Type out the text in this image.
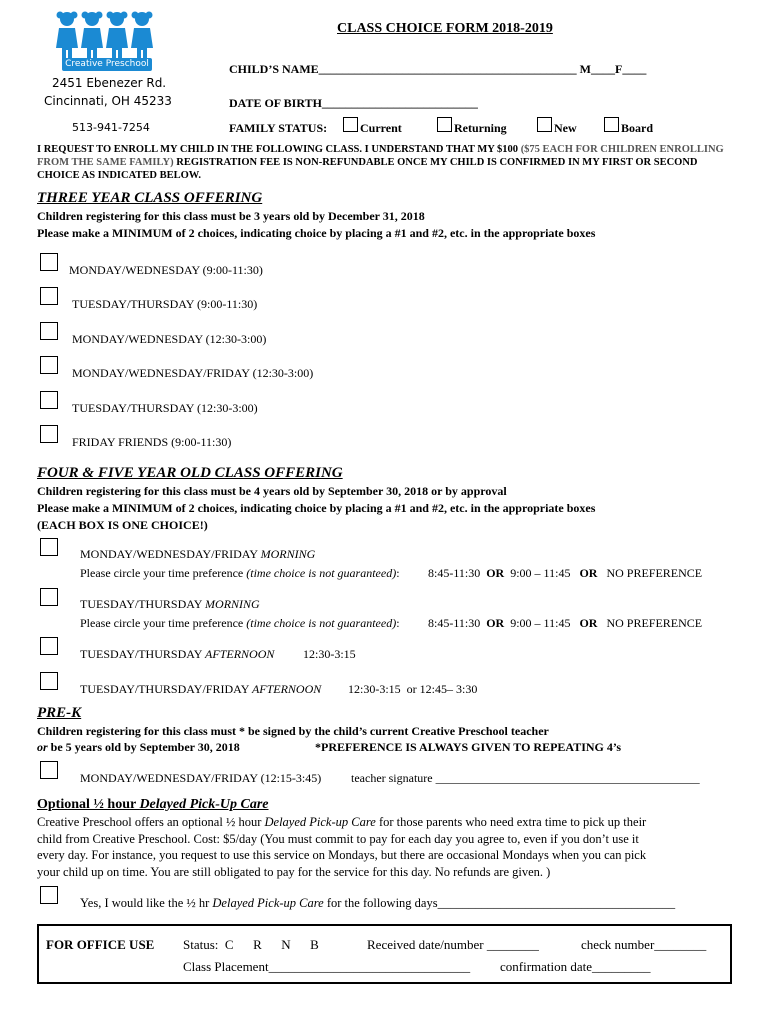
Creative Preschool
2451 Ebenezer Rd.
Cincinnati, OH 45233
513-941-7254
CLASS CHOICE FORM 2018-2019
CHILD’S NAME___________________________________________ M____F____
DATE OF BIRTH__________________________
FAMILY STATUS:	Current	Returning	New	Board
I REQUEST TO ENROLL MY CHILD IN THE FOLLOWING CLASS. I UNDERSTAND THAT MY $100 ($75 EACH FOR CHILDREN ENROLLING FROM THE SAME FAMILY) REGISTRATION FEE IS NON-REFUNDABLE ONCE MY CHILD IS CONFIRMED IN MY FIRST OR SECOND CHOICE AS INDICATED BELOW.
THREE YEAR CLASS OFFERING
Children registering for this class must be 3 years old by December 31, 2018
Please make a MINIMUM of 2 choices, indicating choice by placing a #1 and #2, etc. in the appropriate boxes
MONDAY/WEDNESDAY (9:00-11:30)
TUESDAY/THURSDAY (9:00-11:30)
MONDAY/WEDNESDAY (12:30-3:00)
MONDAY/WEDNESDAY/FRIDAY (12:30-3:00)
TUESDAY/THURSDAY (12:30-3:00)
FRIDAY FRIENDS (9:00-11:30)
FOUR & FIVE YEAR OLD CLASS OFFERING
Children registering for this class must be 4 years old by September 30, 2018 or by approval
Please make a MINIMUM of 2 choices, indicating choice by placing a #1 and #2, etc. in the appropriate boxes
(EACH BOX IS ONE CHOICE!)
MONDAY/WEDNESDAY/FRIDAY MORNING
Please circle your time preference (time choice is not guaranteed): 8:45-11:30 OR 9:00 – 11:45 OR NO PREFERENCE
TUESDAY/THURSDAY MORNING
Please circle your time preference (time choice is not guaranteed): 8:45-11:30 OR 9:00 – 11:45 OR NO PREFERENCE
TUESDAY/THURSDAY AFTERNOON 12:30-3:15
TUESDAY/THURSDAY/FRIDAY AFTERNOON 12:30-3:15  or 12:45– 3:30
PRE-K
Children registering for this class must * be signed by the child’s current Creative Preschool teacher
or be 5 years old by September 30, 2018	*PREFERENCE IS ALWAYS GIVEN TO REPEATING 4’s
MONDAY/WEDNESDAY/FRIDAY (12:15-3:45) teacher signature ____________________________________________
Optional ½ hour Delayed Pick-Up Care
Creative Preschool offers an optional ½ hour Delayed Pick-up Care for those parents who need extra time to pick up their
child from Creative Preschool. Cost: $5/day (You must commit to pay for each day you agree to, even if you don’t use it
every day. For instance, you request to use this service on Mondays, but there are occasional Mondays when you can pick
your child up on time. You are still obligated to pay for the service for this day. No refunds are given. )
Yes, I would like the ½ hr Delayed Pick-up Care for the following days______________________________________
FOR OFFICE USE Status:  C      R      N      B	Received date/number ________	check number________
Class Placement_______________________________ confirmation date_________
